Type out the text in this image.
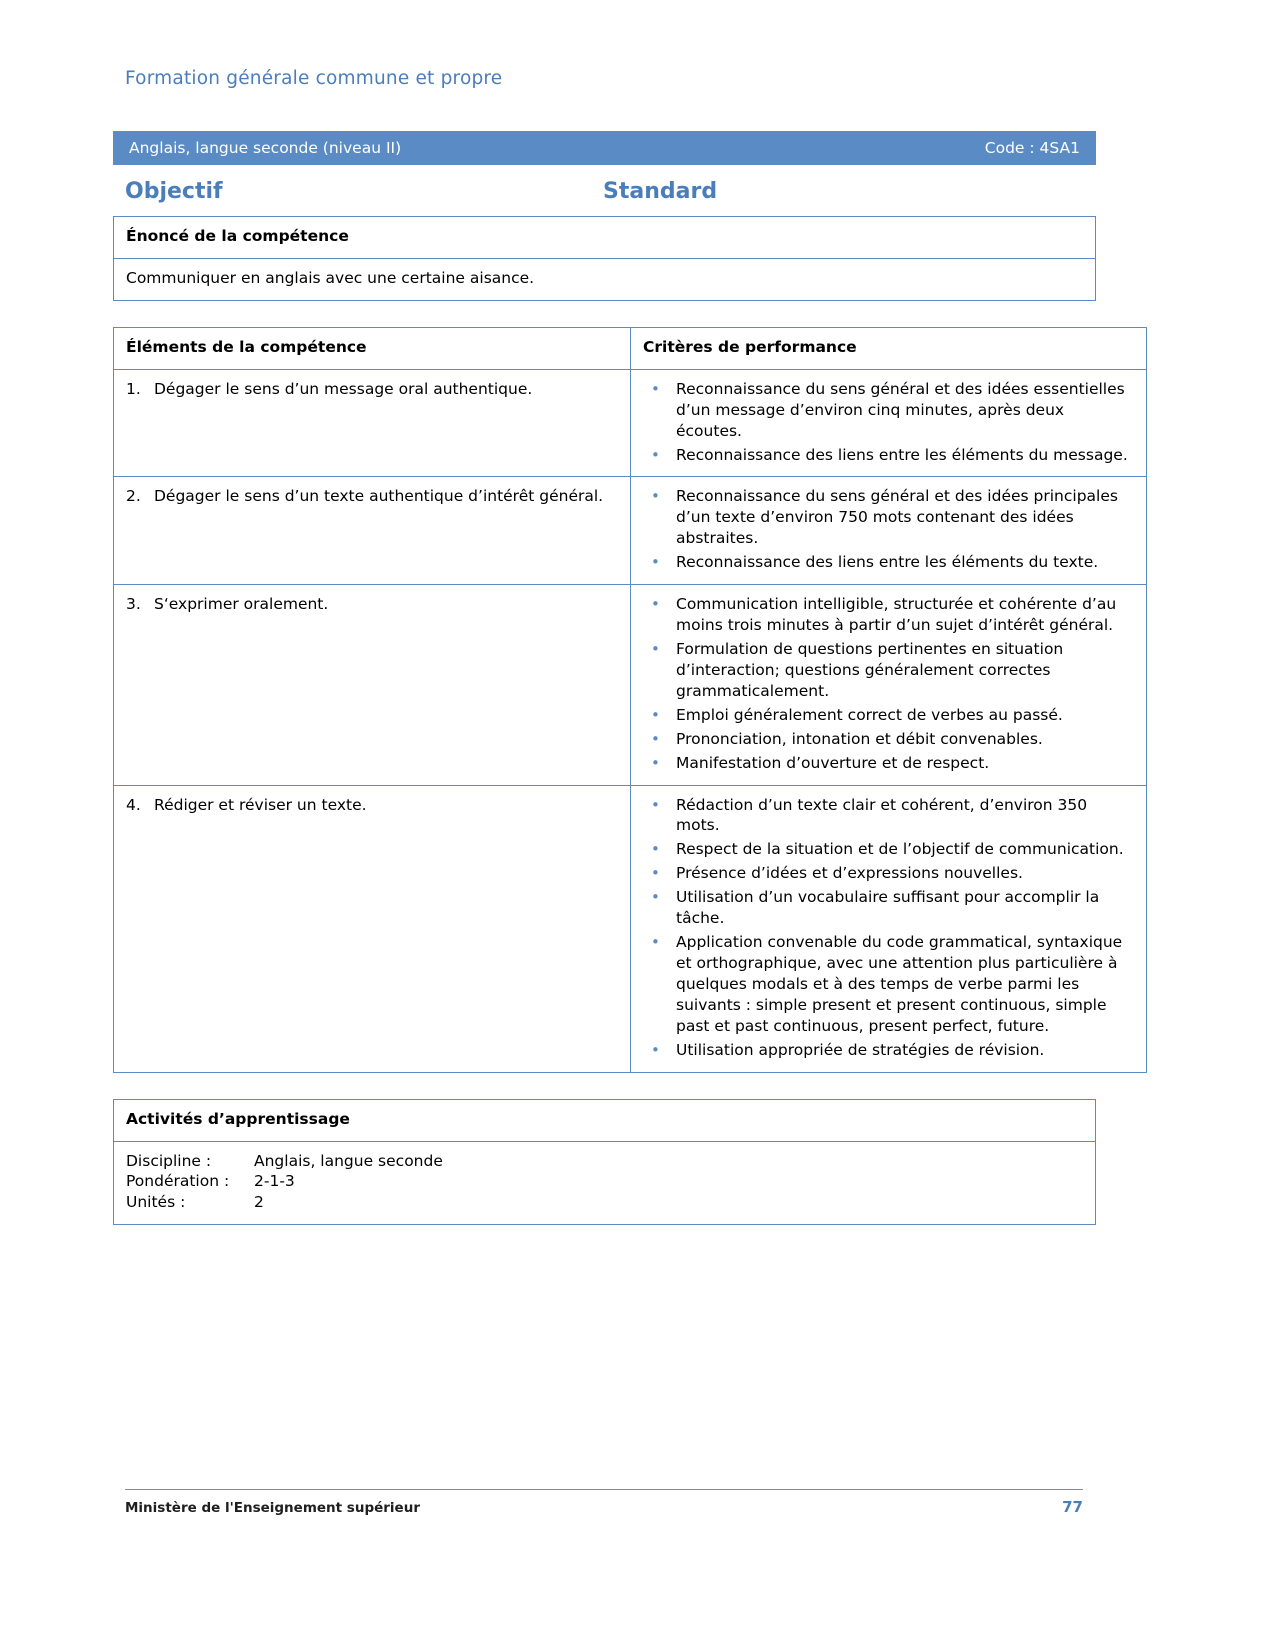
Formation générale commune et propre
Anglais, langue seconde (niveau II)	Code : 4SA1
Objectif	Standard
Énoncé de la compétence
Communiquer en anglais avec une certaine aisance.
Éléments de la compétence	Critères de performance

1. Dégager le sens d’un message oral authentique.	• Reconnaissance du sens général et des idées essentielles d’un message d’environ cinq minutes, après deux écoutes.
• Reconnaissance des liens entre les éléments du message.

2. Dégager le sens d’un texte authentique d’intérêt général.	• Reconnaissance du sens général et des idées principales d’un texte d’environ 750 mots contenant des idées abstraites.
• Reconnaissance des liens entre les éléments du texte.

3. S‘exprimer oralement.	• Communication intelligible, structurée et cohérente d’au moins trois minutes à partir d’un sujet d’intérêt général.
• Formulation de questions pertinentes en situation d’interaction; questions généralement correctes grammaticalement.
• Emploi généralement correct de verbes au passé.
• Prononciation, intonation et débit convenables.
• Manifestation d’ouverture et de respect.

4. Rédiger et réviser un texte.	• Rédaction d’un texte clair et cohérent, d’environ 350 mots.
• Respect de la situation et de l’objectif de communication.
• Présence d’idées et d’expressions nouvelles.
• Utilisation d’un vocabulaire suffisant pour accomplir la tâche.
• Application convenable du code grammatical, syntaxique et orthographique, avec une attention plus particulière à quelques modals et à des temps de verbe parmi les suivants : simple present et present continuous, simple past et past continuous, present perfect, future.
• Utilisation appropriée de stratégies de révision.
Activités d’apprentissage

Discipline :	Anglais, langue seconde
Pondération :	2-1-3
Unités :	2
Ministère de l'Enseignement supérieur	77
